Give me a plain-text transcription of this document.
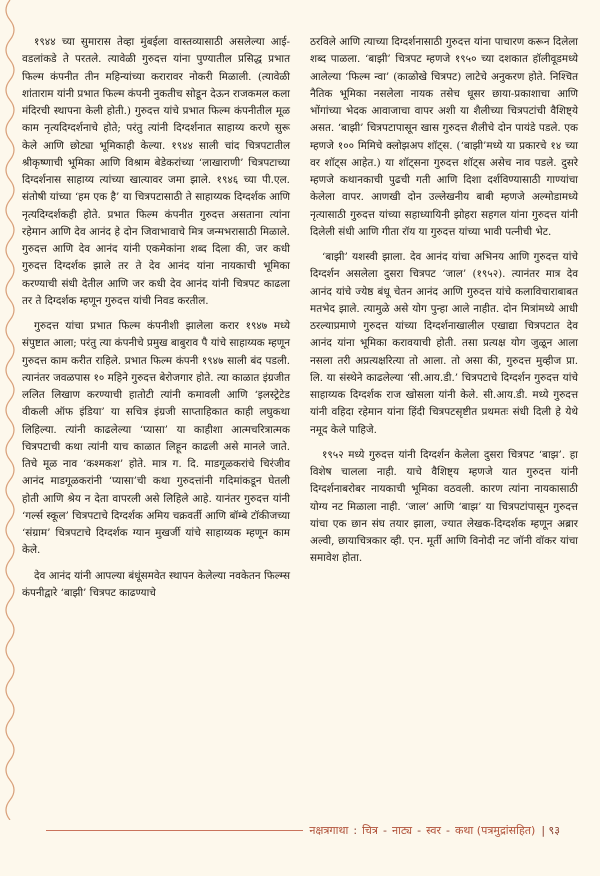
१९४४ च्या सुमारास तेव्हा मुंबईला वास्तव्यासाठी असलेल्या आई-वडलांकडे ते परतले. त्यावेळी गुरुदत्त यांना पुण्यातील प्रसिद्ध प्रभात फिल्म कंपनीत तीन महिन्यांच्या करारावर नोकरी मिळाली. (त्यावेळी शांताराम यांनी प्रभात फिल्म कंपनी नुकतीच सोडून देऊन राजकमल कला मंदिरची स्थापना केली होती.) गुरुदत्त यांचे प्रभात फिल्म कंपनीतील मूळ काम नृत्यदिग्दर्शनाचे होते; परंतु त्यांनी दिग्दर्शनात साहाय्य करणे सुरू केले आणि छोट्या भूमिकाही केल्या. १९४४ साली चांद चित्रपटातील श्रीकृष्णाची भूमिका आणि विश्राम बेडेकरांच्या ‘लाखाराणी’ चित्रपटाच्या दिग्दर्शनास साहाय्य त्यांच्या खात्यावर जमा झाले. १९४६ च्या पी.एल. संतोषी यांच्या ‘हम एक है’ या चित्रपटासाठी ते साहाय्यक दिग्दर्शक आणि नृत्यदिग्दर्शकही होते. प्रभात फिल्म कंपनीत गुरुदत्त असताना त्यांना रहेमान आणि देव आनंद हे दोन जिवाभावाचे मित्र जन्मभरासाठी मिळाले. गुरुदत्त आणि देव आनंद यांनी एकमेकांना शब्द दिला की, जर कधी गुरुदत्त दिग्दर्शक झाले तर ते देव आनंद यांना नायकाची भूमिका करण्याची संधी देतील आणि जर कधी देव आनंद यांनी चित्रपट काढला तर ते दिग्दर्शक म्हणून गुरुदत्त यांची निवड करतील.

गुरुदत्त यांचा प्रभात फिल्म कंपनीशी झालेला करार १९४७ मध्ये संपुष्टात आला; परंतु त्या कंपनीचे प्रमुख बाबुराव पै यांचे साहाय्यक म्हणून गुरुदत्त काम करीत राहिले. प्रभात फिल्म कंपनी १९४७ साली बंद पडली. त्यानंतर जवळपास १० महिने गुरुदत्त बेरोजगार होते. त्या काळात इंग्रजीत ललित लिखाण करण्याची हातोटी त्यांनी कमावली आणि ‘इलस्ट्रेटेड वीकली ऑफ इंडिया’ या सचित्र इंग्रजी साप्ताहिकात काही लघुकथा लिहिल्या. त्यांनी काढलेल्या ‘प्यासा’ या काहीशा आत्मचरित्रात्मक चित्रपटाची कथा त्यांनी याच काळात लिहून काढली असे मानले जाते. तिचे मूळ नाव ‘कश्मकश’ होते. मात्र ग. दि. माडगूळकरांचे चिरंजीव आनंद माडगूळकरांनी ‘प्यासा’ची कथा गुरुदत्तांनी गदिमांकडून घेतली होती आणि श्रेय न देता वापरली असे लिहिले आहे. यानंतर गुरुदत्त यांनी ‘गर्ल्स स्कूल’ चित्रपटाचे दिग्दर्शक अमिय चक्रवर्ती आणि बॉम्बे टॉकीजच्या ‘संग्राम’ चित्रपटाचे दिग्दर्शक ग्यान मुखर्जी यांचे साहाय्यक म्हणून काम केले.

देव आनंद यांनी आपल्या बंधूंसमवेत स्थापन केलेल्या नवकेतन फिल्म्स कंपनीद्वारे ‘बाझी’ चित्रपट काढण्याचे

ठरविले आणि त्याच्या दिग्दर्शनासाठी गुरुदत्त यांना पाचारण करून दिलेला शब्द पाळला. ‘बाझी’ चित्रपट म्हणजे १९५० च्या दशकात हॉलीवूडमध्ये आलेल्या ‘फिल्म न्वा’ (काळोखे चित्रपट) लाटेचे अनुकरण होते. निश्चित नैतिक भूमिका नसलेला नायक तसेच धूसर छाया-प्रकाशाचा आणि भोंगांच्या भेदक आवाजाचा वापर अशी या शैलीच्या चित्रपटांची वैशिष्ट्ये असत. ‘बाझी’ चित्रपटापासून खास गुरुदत्त शैलीचे दोन पायंडे पडले. एक म्हणजे १०० मिमिचे क्लोझअप शॉट्स. (‘बाझी’मध्ये या प्रकारचे १४ च्या वर शॉट्स आहेत.) या शॉट्सना गुरुदत्त शॉट्स असेच नाव पडले. दुसरे म्हणजे कथानकाची पुढची गती आणि दिशा दर्शविण्यासाठी गाण्यांचा केलेला वापर. आणखी दोन उल्लेखनीय बाबी म्हणजे अल्मोडामध्ये नृत्यासाठी गुरुदत्त यांच्या सहाध्यायिनी झोहरा सहगल यांना गुरुदत्त यांनी दिलेली संधी आणि गीता रॉय या गुरुदत्त यांच्या भावी पत्नीची भेट.

‘बाझी’ यशस्वी झाला. देव आनंद यांचा अभिनय आणि गुरुदत्त यांचे दिग्दर्शन असलेला दुसरा चित्रपट ‘जाल’ (१९५२). त्यानंतर मात्र देव आनंद यांचे ज्येष्ठ बंधू चेतन आनंद आणि गुरुदत्त यांचे कलाविचाराबाबत मतभेद झाले. त्यामुळे असे योग पुन्हा आले नाहीत. दोन मित्रांमध्ये आधी ठरल्याप्रमाणे गुरुदत्त यांच्या दिग्दर्शनाखालील एखाद्या चित्रपटात देव आनंद यांना भूमिका करावयाची होती. तसा प्रत्यक्ष योग जुळून आला नसला तरी अप्रत्यक्षरित्या तो आला. तो असा की, गुरुदत्त मुव्हीज प्रा. लि. या संस्थेने काढलेल्या ‘सी.आय.डी.’ चित्रपटाचे दिग्दर्शन गुरुदत्त यांचे साहाय्यक दिग्दर्शक राज खोसला यांनी केले. सी.आय.डी. मध्ये गुरुदत्त यांनी वहिदा रहेमान यांना हिंदी चित्रपटसृष्टीत प्रथमतः संधी दिली हे येथे नमूद केले पाहिजे.

१९५२ मध्ये गुरुदत्त यांनी दिग्दर्शन केलेला दुसरा चित्रपट ‘बाझ’. हा विशेष चालला नाही. याचे वैशिष्ट्य म्हणजे यात गुरुदत्त यांनी दिग्दर्शनाबरोबर नायकाची भूमिका वठवली. कारण त्यांना नायकासाठी योग्य नट मिळाला नाही. ‘जाल’ आणि ‘बाझ’ या चित्रपटांपासून गुरुदत्त यांचा एक छान संघ तयार झाला, ज्यात लेखक-दिग्दर्शक म्हणून अब्रार अल्वी, छायाचित्रकार व्ही. एन. मूर्ती आणि विनोदी नट जॉनी वॉकर यांचा समावेश होता.

नक्षत्रगाथा : चित्र - नाट्य - स्वर - कथा (पत्रमुद्रांसहित) | ९३
